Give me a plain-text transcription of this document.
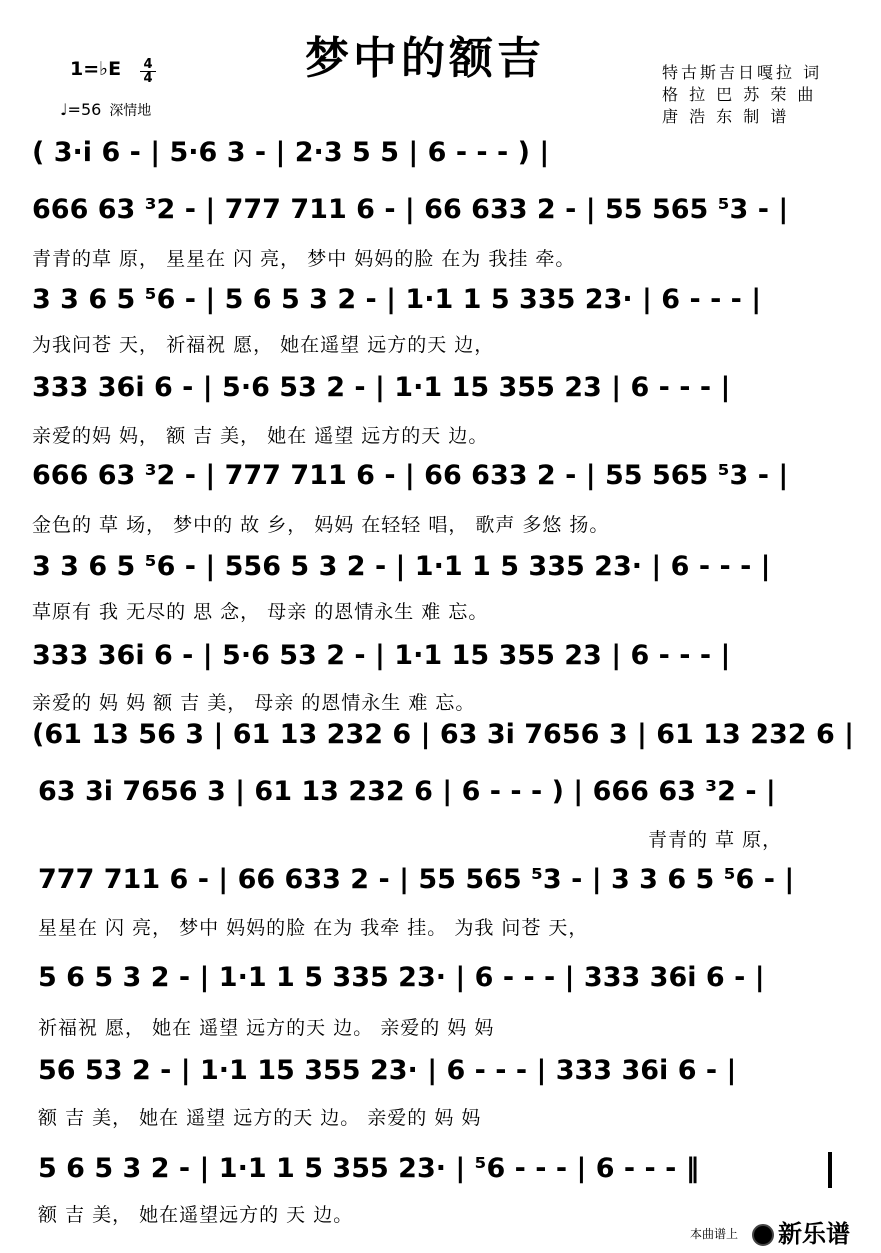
梦中的额吉
1=♭E 4
4
♩=56 深情地
特古斯吉日嘎拉 词
格 拉 巴 苏 荣 曲
唐 浩 东 制 谱
( 3·i 6 - | 5·6 3 - | 2·3 5 5 | 6 - - - ) |
666 63 ³2 - | 777 711 6 - | 66 633 2 - | 55 565 ⁵3 - |
青青的草 原， 星星在 闪 亮， 梦中 妈妈的脸 在为 我挂 牵。
3 3 6 5 ⁵6 - | 5 6 5 3 2 - | 1·1 1 5 335 23· | 6 - - - |
为我问苍 天， 祈福祝 愿， 她在遥望 远方的天 边，
333 36i 6 - | 5·6 53 2 - | 1·1 15 355 23 | 6 - - - |
亲爱的妈 妈， 额 吉 美， 她在 遥望 远方的天 边。
666 63 ³2 - | 777 711 6 - | 66 633 2 - | 55 565 ⁵3 - |
金色的 草 场， 梦中的 故 乡， 妈妈 在轻轻 唱， 歌声 多悠 扬。
3 3 6 5 ⁵6 - | 556 5 3 2 - | 1·1 1 5 335 23· | 6 - - - |
草原有 我 无尽的 思 念， 母亲 的恩情永生 难 忘。
333 36i 6 - | 5·6 53 2 - | 1·1 15 355 23 | 6 - - - |
亲爱的 妈 妈 额 吉 美， 母亲 的恩情永生 难 忘。
(61 13 56 3 | 61 13 232 6 | 63 3i 7656 3 | 61 13 232 6 |
63 3i 7656 3 | 61 13 232 6 | 6 - - - ) | 666 63 ³2 - |
青青的 草 原，
777 711 6 - | 66 633 2 - | 55 565 ⁵3 - | 3 3 6 5 ⁵6 - |
星星在 闪 亮， 梦中 妈妈的脸 在为 我牵 挂。 为我 问苍 天，
5 6 5 3 2 - | 1·1 1 5 335 23· | 6 - - - | 333 36i 6 - |
祈福祝 愿， 她在 遥望 远方的天 边。 亲爱的 妈 妈
56 53 2 - | 1·1 15 355 23· | 6 - - - | 333 36i 6 - |
额 吉 美， 她在 遥望 远方的天 边。 亲爱的 妈 妈
5 6 5 3 2 - | 1·1 1 5 355 23· | ⁵6 - - - | 6 - - - ‖
额 吉 美， 她在遥望远方的 天 边。
本曲谱上	新乐谱
